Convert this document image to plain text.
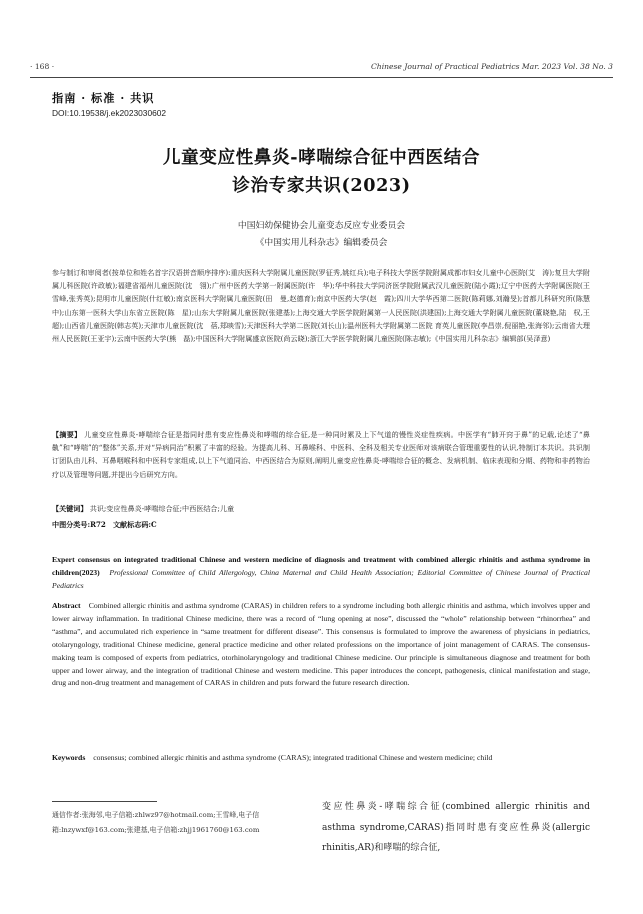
· 168 ·	Chinese Journal of Practical Pediatrics Mar. 2023 Vol. 38 No. 3
指南 · 标准 · 共识
DOI:10.19538/j.ek2023030602
儿童变应性鼻炎-哮喘综合征中西医结合
诊治专家共识(2023)
中国妇幼保健协会儿童变态反应专业委员会
《中国实用儿科杂志》编辑委员会
参与制订和审阅者(按单位和姓名首字汉语拼音顺序排序):重庆医科大学附属儿童医院(罗征秀,姚红兵);电子科技大学医学院附属成都市妇女儿童中心医院(艾　涛);复旦大学附属儿科医院(许政敏);福建省福州儿童医院(沈　翎);广州中医药大学第一附属医院(许　华);华中科技大学同济医学院附属武汉儿童医院(陆小霞);辽宁中医药大学附属医院(王雪峰,张秀英);昆明市儿童医院(什红敏);南京医科大学附属儿童医院(田　曼,赵德育);南京中医药大学(赵　霞);四川大学华西第二医院(陈莉娜,刘瀚旻);首都儿科研究所(陈慧中);山东第一医科大学山东省立医院(陈　星);山东大学附属儿童医院(张建基);上海交通大学医学院附属第一人民医院(洪建国);上海交通大学附属儿童医院(董晓艳,陆　权,王　超);山西省儿童医院(韩志英);天津市儿童医院(沈　蓓,郑映雪);天津医科大学第二医院(刘长山);温州医科大学附属第二医院 育英儿童医院(李昌崇,倪丽艳,张海邻);云南省大理州人民医院(王亚宇);云南中医药大学(熊　磊);中国医科大学附属盛京医院(尚云晓);浙江大学医学院附属儿童医院(陈志敏);《中国实用儿科杂志》编辑部(吴泽意)
【摘要】 儿童变应性鼻炎-哮喘综合征是指同时患有变应性鼻炎和哮喘的综合征,是一种同时累及上下气道的慢性炎症性疾病。中医学有“肺开窍于鼻”的记载,论述了“鼻鼽”和“哮喘”的“整体”关系,并对“异病同治”积累了丰富的经验。为提高儿科、耳鼻喉科、中医科、全科及相关专业医师对该病联合管理重要性的认识,特制订本共识。共识制订团队由儿科、耳鼻咽喉科和中医科专家组成,以上下气道同治、中西医结合为原则,阐明儿童变应性鼻炎-哮喘综合征的概念、发病机制、临床表现和分期、药物和非药物治疗以及管理等问题,并提出今后研究方向。
【关键词】 共识;变应性鼻炎-哮喘综合征;中西医结合;儿童
中图分类号:R72　文献标志码:C
Expert consensus on integrated traditional Chinese and western medicine of diagnosis and treatment with combined allergic rhinitis and asthma syndrome in children(2023) Professional Committee of Child Allergology, China Maternal and Child Health Association; Editorial Committee of Chinese Journal of Practical Pediatrics
Abstract Combined allergic rhinitis and asthma syndrome (CARAS) in children refers to a syndrome including both allergic rhinitis and asthma, which involves upper and lower airway inflammation. In traditional Chinese medicine, there was a record of “lung opening at nose”, discussed the “whole” relationship between “rhinorrhea” and “asthma”, and accumulated rich experience in “same treatment for different disease”. This consensus is formulated to improve the awareness of physicians in pediatrics, otolaryngology, traditional Chinese medicine, general practice medicine and other related professions on the importance of joint management of CARAS. The consensus-making team is composed of experts from pediatrics, otorhinolaryngology and traditional Chinese medicine. Our principle is simultaneous diagnose and treatment for both upper and lower airway, and the integration of traditional Chinese and western medicine. This paper introduces the concept, pathogenesis, clinical manifestation and stage, drug and non-drug treatment and management of CARAS in children and puts forward the future research direction.
Keywords consensus; combined allergic rhinitis and asthma syndrome (CARAS); integrated traditional Chinese and western medicine; child
通信作者:张海邻,电子信箱:zhlwz97@hotmail.com;王雪峰,电子信箱:lnzywxf@163.com;张建基,电子信箱:zhjj1961760@163.com
变应性鼻炎-哮喘综合征(combined allergic rhinitis and asthma syndrome,CARAS)指同时患有变应性鼻炎(allergic rhinitis,AR)和哮喘的综合征,
